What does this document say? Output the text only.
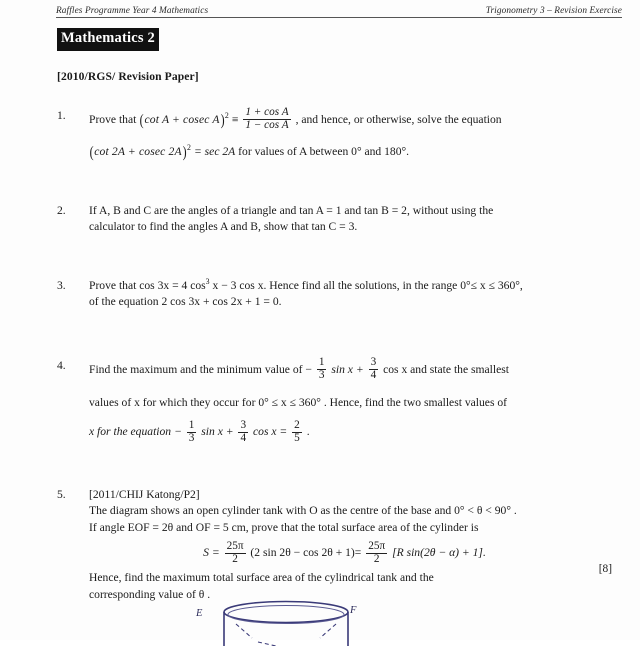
Raffles Programme Year 4 Mathematics	Trigonometry 3 – Revision Exercise
Mathematics 2
[2010/RGS/ Revision Paper]
1.	Prove that (cot A + cosec $A)^2 \equiv \frac{\text{1 + cos A}}{\text{1 − cos A}}$ , and hence, or otherwise, solve the equation
(cot 2A + cosec 2A)$^2$ = sec 2A for values of A between 0° and 180°.
2.	If A, B and C are the angles of a triangle and tan A = 1 and tan B = 2, without using the
calculator to find the angles A and B, show that tan C = 3.
3.	Prove that cos 3x = 4 $\cos^3 x - 3$ cos x. Hence find all the solutions, in the range 0°≤ x ≤ 360°,
of the equation 2 cos 3x + cos 2x + 1 = 0.
4.	Find the maximum and the minimum value of − $\frac{1}{3}$ $\sin x + \frac{3}{4}$ cos x and state the smallest
values of x for which they occur for 0° ≤ x ≤ 360° . Hence, find the two smallest values of
x for the equation − $\frac{1}{3}$ $\sin x + \frac{3}{4}$ $\cos x = \frac{2}{5}$ .
5.	[2011/CHIJ Katong/P2]
The diagram shows an open cylinder tank with O as the centre of the base and 0° < θ < 90° .
If angle EOF = 2θ and OF = 5 cm, prove that the total surface area of the cylinder is
$S = \frac{25\pi}{2} (2$ $\sin 2\theta - \cos 2\theta + 1)= \frac{25\pi}{2} [R$ sin(2θ − α) + 1].
Hence, find the maximum total surface area of the cylindrical tank and the
corresponding value of θ .
[8]
E	F
